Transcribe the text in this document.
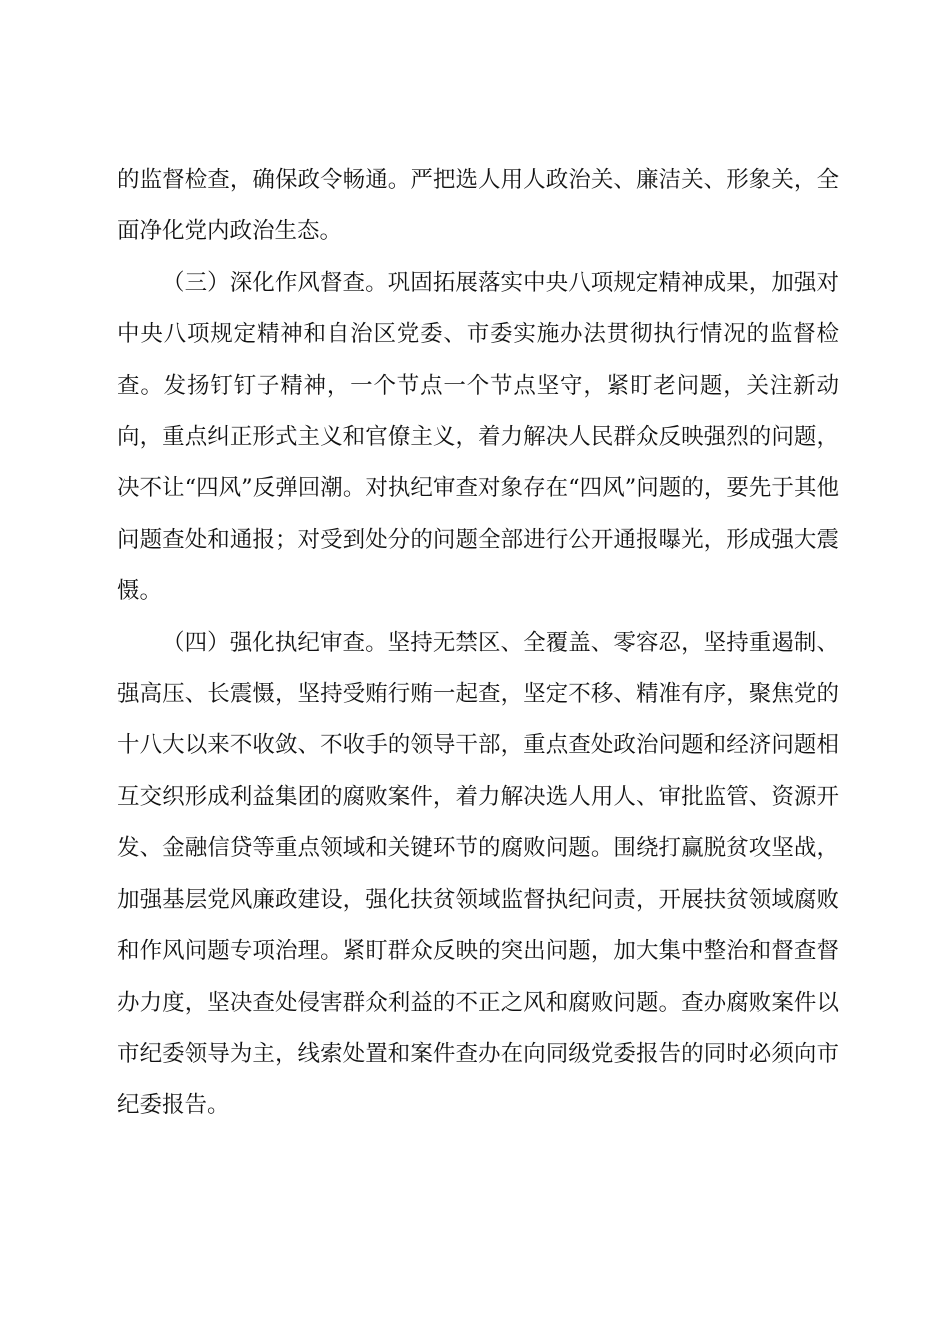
的监督检查，确保政令畅通。严把选人用人政治关、廉洁关、形象关，全面净化党内政治生态。

（三）深化作风督查。巩固拓展落实中央八项规定精神成果，加强对中央八项规定精神和自治区党委、市委实施办法贯彻执行情况的监督检查。发扬钉钉子精神，一个节点一个节点坚守，紧盯老问题，关注新动向，重点纠正形式主义和官僚主义，着力解决人民群众反映强烈的问题，决不让“四风”反弹回潮。对执纪审查对象存在“四风”问题的，要先于其他问题查处和通报；对受到处分的问题全部进行公开通报曝光，形成强大震慑。

（四）强化执纪审查。坚持无禁区、全覆盖、零容忍，坚持重遏制、强高压、长震慑，坚持受贿行贿一起查，坚定不移、精准有序，聚焦党的十八大以来不收敛、不收手的领导干部，重点查处政治问题和经济问题相互交织形成利益集团的腐败案件，着力解决选人用人、审批监管、资源开发、金融信贷等重点领域和关键环节的腐败问题。围绕打赢脱贫攻坚战，加强基层党风廉政建设，强化扶贫领域监督执纪问责，开展扶贫领域腐败和作风问题专项治理。紧盯群众反映的突出问题，加大集中整治和督查督办力度，坚决查处侵害群众利益的不正之风和腐败问题。查办腐败案件以市纪委领导为主，线索处置和案件查办在向同级党委报告的同时必须向市纪委报告。
